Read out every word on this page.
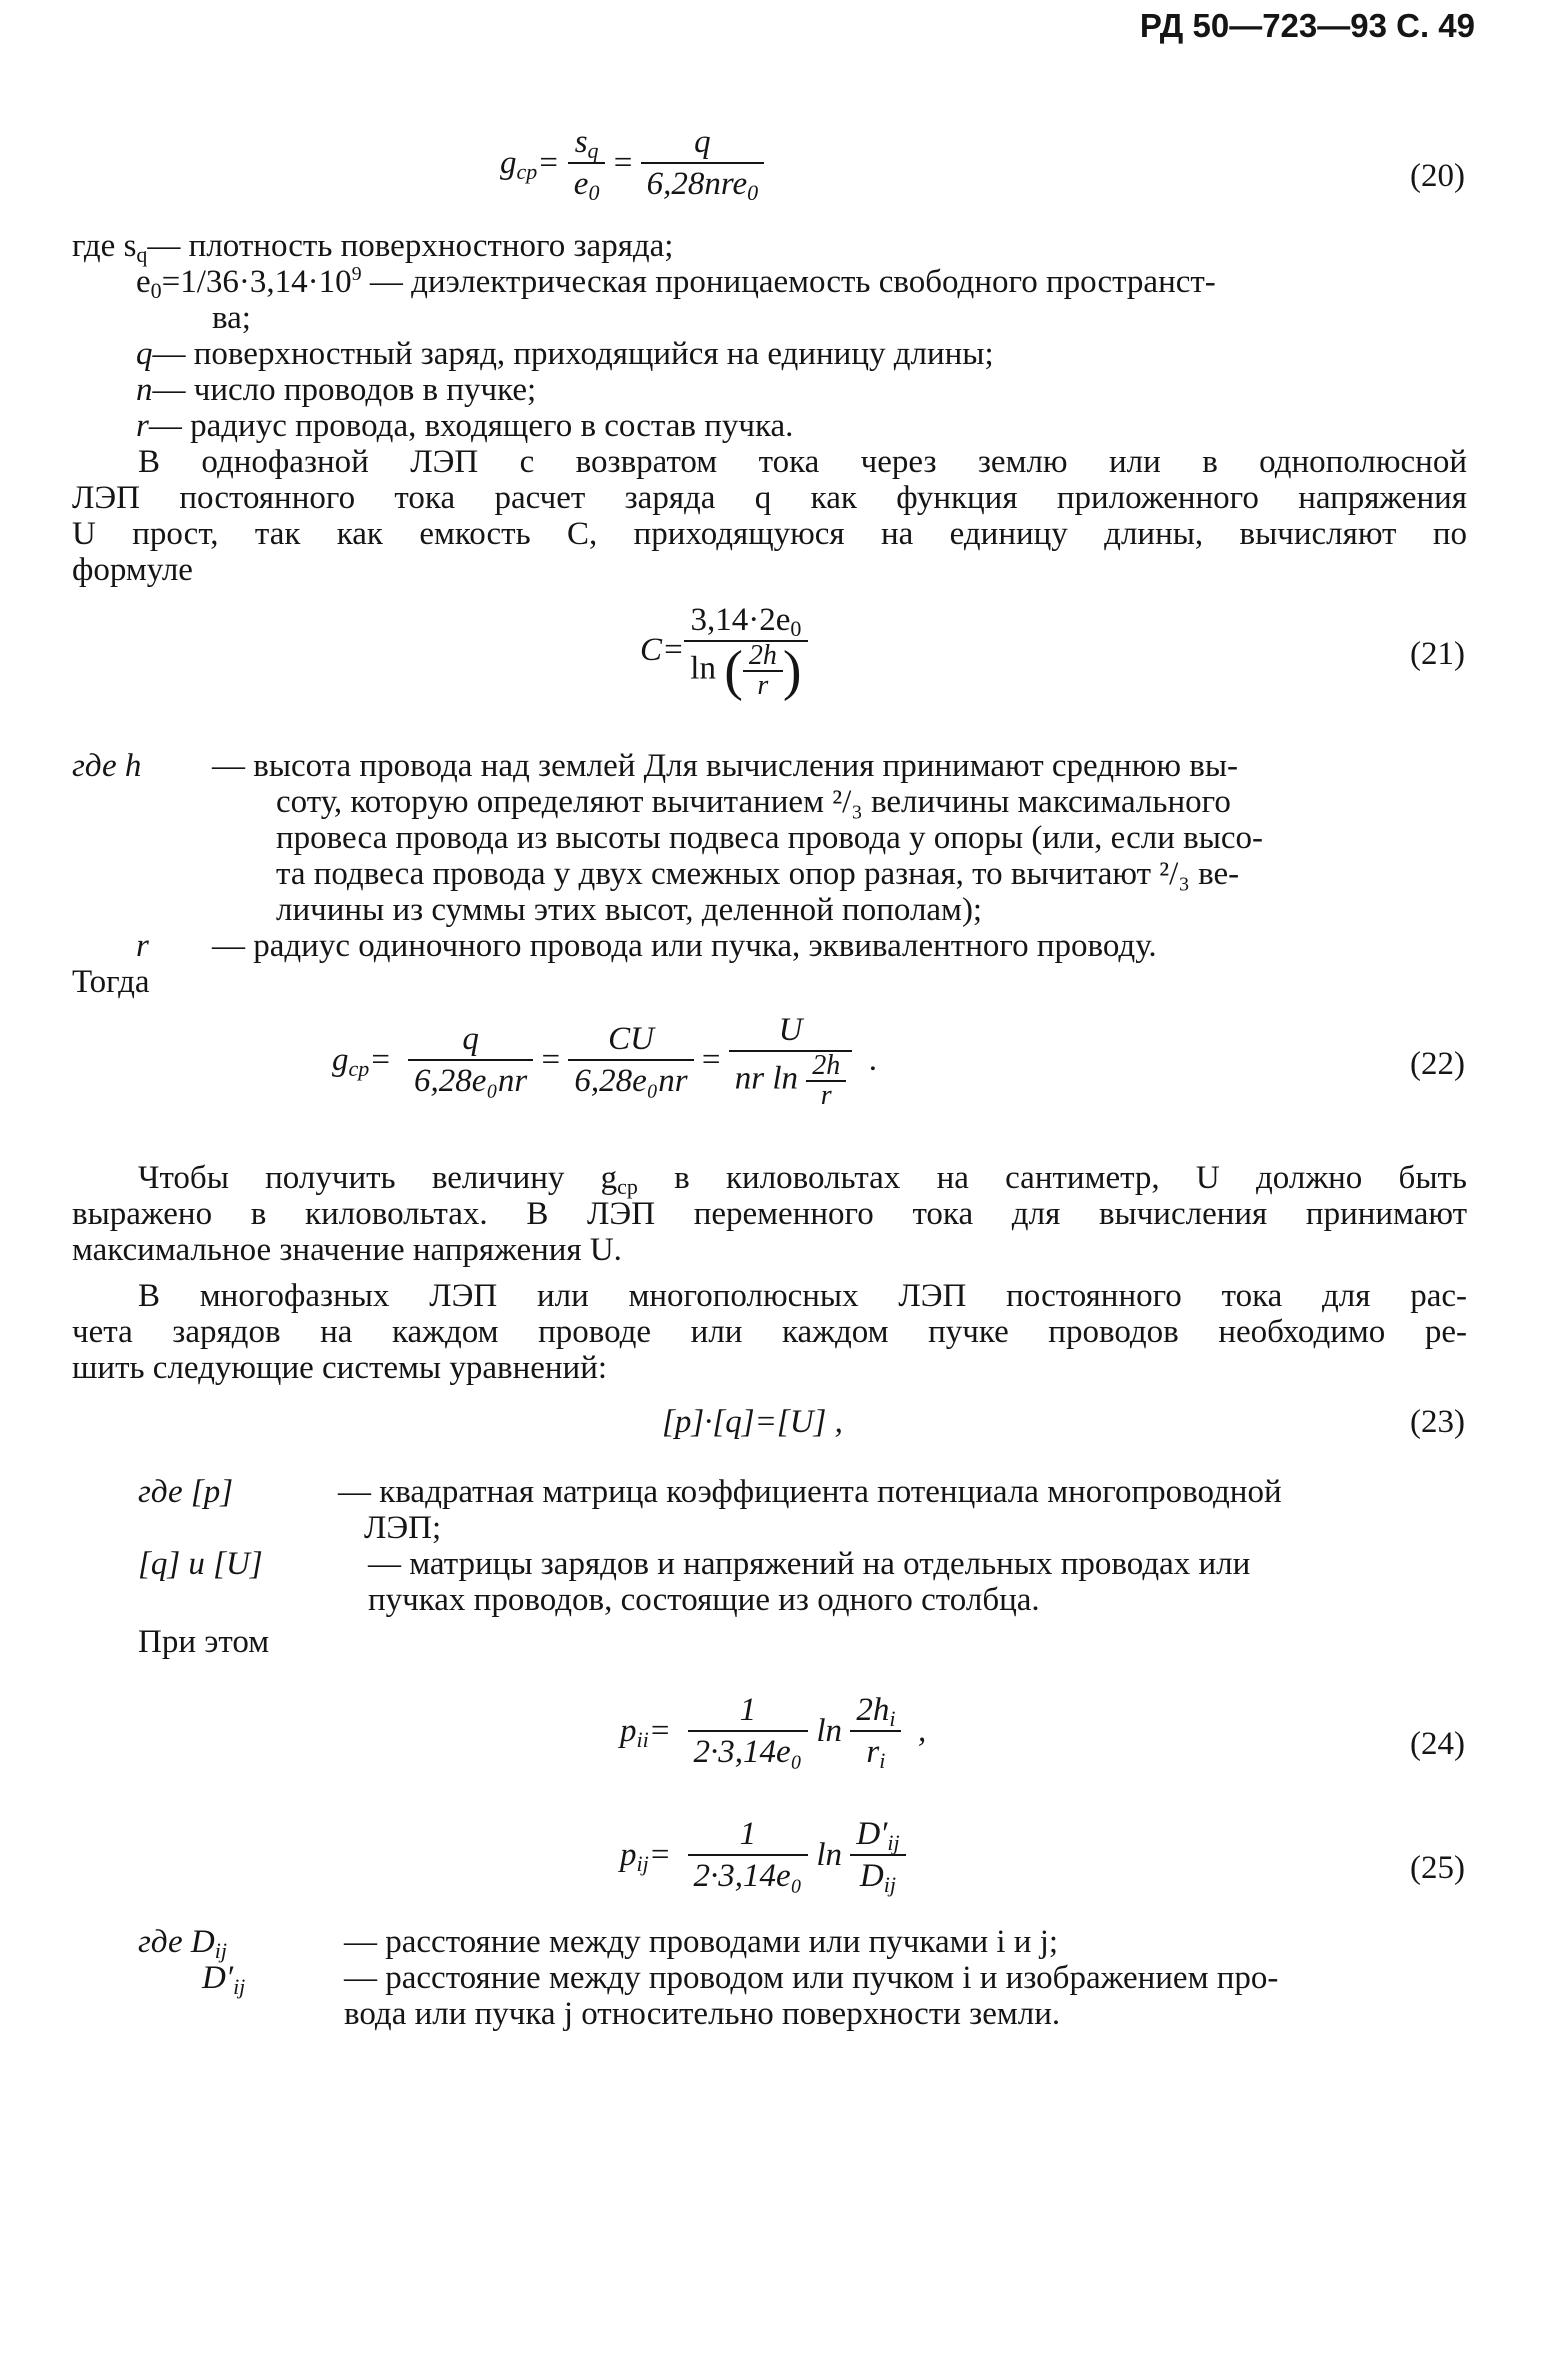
РД 50—723—93 С. 49
$g_{ср}= \frac{s_q}{e_0} = \frac{q}{6,28nre_0}$	(20)
где $s_q$ — плотность поверхностного заряда;
$e_0=1/36\cdot 3,14\cdot 10^9$ — диэлектрическая проницаемость свободного пространст-
ва;
q — поверхностный заряд, приходящийся на единицу длины;
n — число проводов в пучке;
r — радиус провода, входящего в состав пучка.
В однофазной ЛЭП с возвратом тока через землю или в однополюсной
ЛЭП постоянного тока расчет заряда q как функция приложенного напряжения
U прост, так как емкость C, приходящуюся на единицу длины, вычисляют по
формуле
$C= \frac{3,14\cdot 2e_0}{\ln ( \frac{2h}{r} )}$	(21)
где h	— высота провода над землей Для вычисления принимают среднюю вы-
соту, которую определяют вычитанием ²/₃ величины максимального
провеса провода из высоты подвеса провода у опоры (или, если высо-
та подвеса провода у двух смежных опор разная, то вычитают ²/₃ ве-
личины из суммы этих высот, деленной пополам);
r	— радиус одиночного провода или пучка, эквивалентного проводу.
Тогда
$g_{ср}= \frac{q}{\text{6,28e₀nr}} = \frac{CU}{\text{6,28e₀nr}} = \frac{U}{nr \ln \frac{2h}{r}}$ .	(22)
Чтобы получить величину $g_{ср}$ в киловольтах на сантиметр, U должно быть
выражено в киловольтах. В ЛЭП переменного тока для вычисления принимают
максимальное значение напряжения U.
В многофазных ЛЭП или многополюсных ЛЭП постоянного тока для рас-
чета зарядов на каждом проводе или каждом пучке проводов необходимо ре-
шить следующие системы уравнений:
[p]·[q]=[U] ,	(23)
где [p]	— квадратная матрица коэффициента потенциала многопроводной
ЛЭП;
[q] и [U]	— матрицы зарядов и напряжений на отдельных проводах или
пучках проводов, состоящие из одного столбца.
При этом
$p_{ii}= \frac{1}{\text{2·3,14e₀}}$ $\ln \frac{2h_i}{r_i}$ ,	(24)
$p_{ij}= \frac{1}{\text{2·3,14e₀}}$ $\ln \frac{D'_{ij}}{D_{ij}}$	(25)
где $D_{ij}$	— расстояние между проводами или пучками i и j;
$D'_{ij}$	— расстояние между проводом или пучком i и изображением про-
вода или пучка j относительно поверхности земли.
